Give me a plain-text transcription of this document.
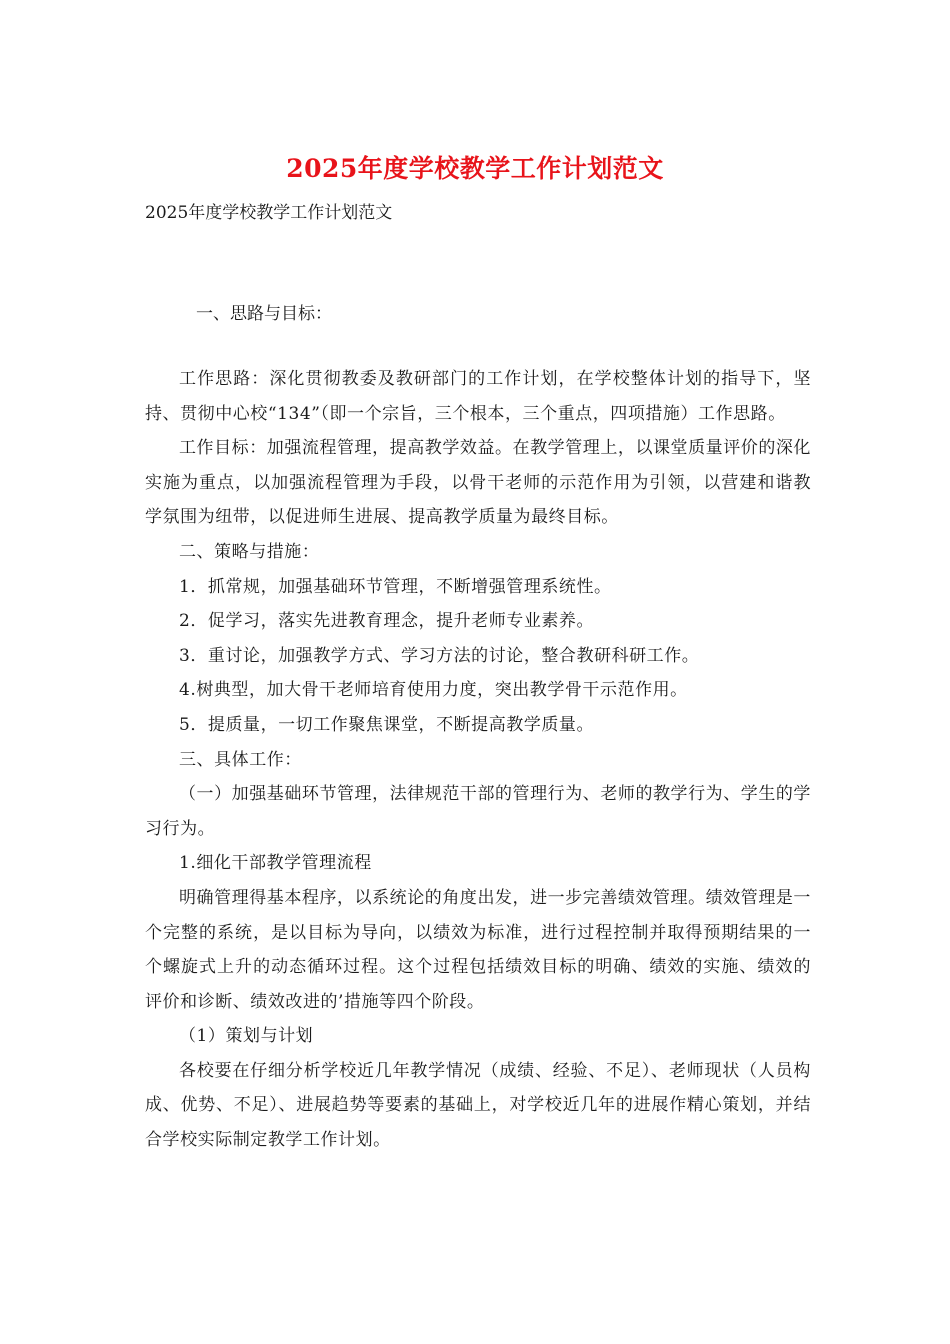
2025年度学校教学工作计划范文
2025年度学校教学工作计划范文
一、思路与目标：

工作思路：深化贯彻教委及教研部门的工作计划，在学校整体计划的指导下，坚持、贯彻中心校“134”（即一个宗旨，三个根本，三个重点，四项措施）工作思路。

工作目标：加强流程管理，提高教学效益。在教学管理上，以课堂质量评价的深化实施为重点，以加强流程管理为手段，以骨干老师的示范作用为引领，以营建和谐教学氛围为纽带，以促进师生进展、提高教学质量为最终目标。

二、策略与措施：

1．抓常规，加强基础环节管理，不断增强管理系统性。

2．促学习，落实先进教育理念，提升老师专业素养。

3．重讨论，加强教学方式、学习方法的讨论，整合教研科研工作。

4.树典型，加大骨干老师培育使用力度，突出教学骨干示范作用。

5．提质量，一切工作聚焦课堂，不断提高教学质量。

三、具体工作：

（一）加强基础环节管理，法律规范干部的管理行为、老师的教学行为、学生的学习行为。

1.细化干部教学管理流程

明确管理得基本程序，以系统论的角度出发，进一步完善绩效管理。绩效管理是一个完整的系统，是以目标为导向，以绩效为标准，进行过程控制并取得预期结果的一个螺旋式上升的动态循环过程。这个过程包括绩效目标的明确、绩效的实施、绩效的评价和诊断、绩效改进的’措施等四个阶段。

（1）策划与计划

各校要在仔细分析学校近几年教学情况（成绩、经验、不足）、老师现状（人员构成、优势、不足）、进展趋势等要素的基础上，对学校近几年的进展作精心策划，并结合学校实际制定教学工作计划。
